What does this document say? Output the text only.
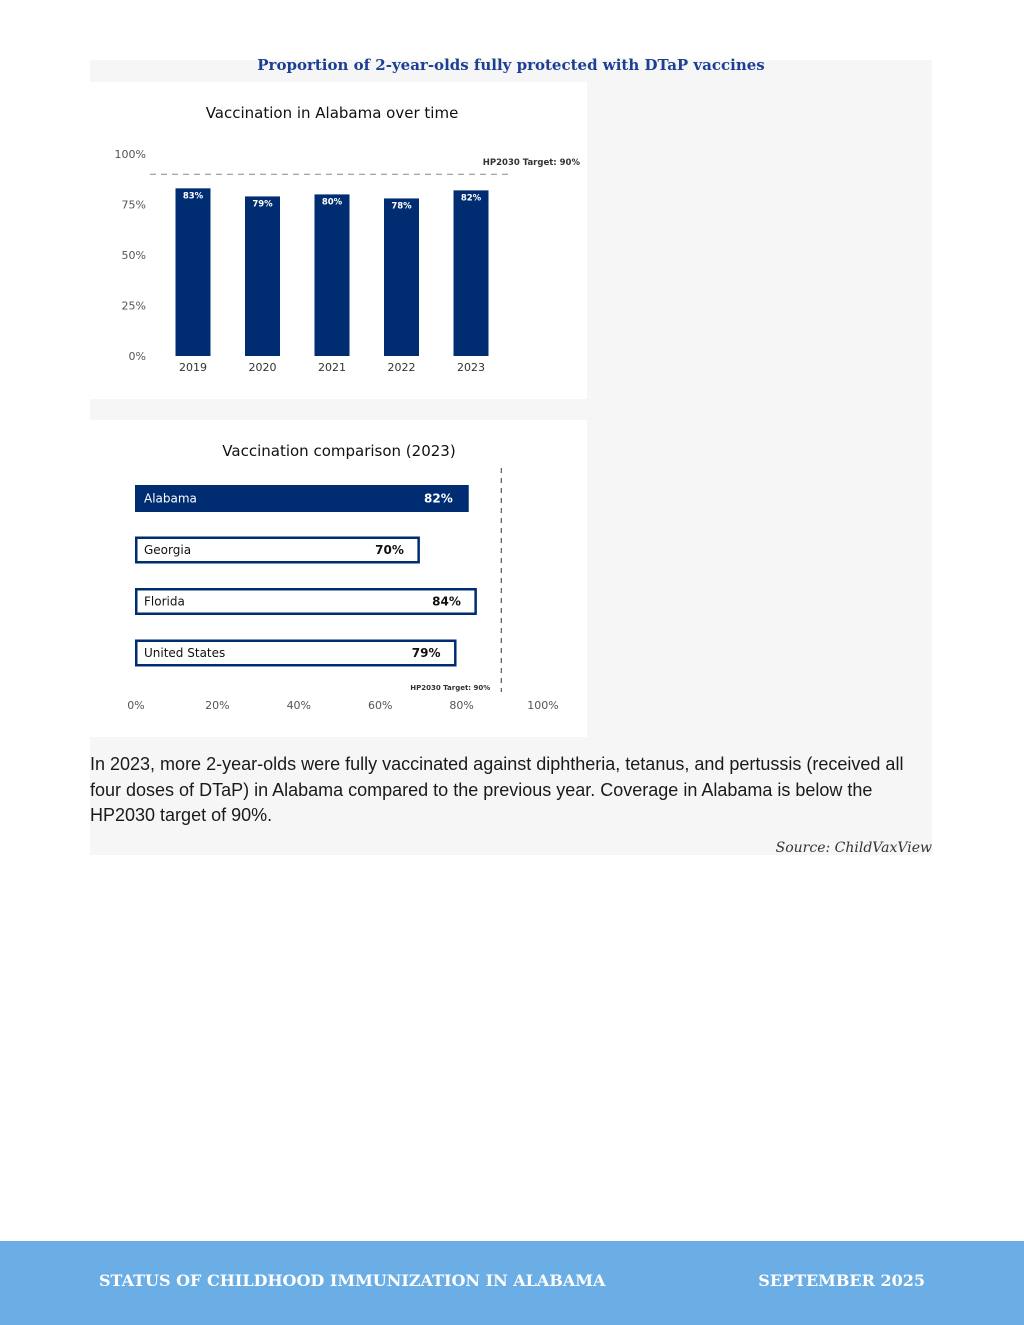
Proportion of 2-year-olds fully protected with DTaP vaccines
Vaccination in Alabama over time
0%
25%
50%
75%
100%
HP2030 Target: 90%
83%
2019
79%
2020
80%
2021
78%
2022
82%
2023
Vaccination comparison (2023)
HP2030 Target: 90%
Alabama	82%
Georgia	70%
Florida	84%
United States	79%
0%	20%	40%	60%	80%	100%
In 2023, more 2-year-olds were fully vaccinated against diphtheria, tetanus, and pertussis (received all four doses of DTaP) in Alabama compared to the previous year. Coverage in Alabama is below the HP2030 target of 90%.
Source: ChildVaxView
STATUS OF CHILDHOOD IMMUNIZATION IN ALABAMA	SEPTEMBER 2025
